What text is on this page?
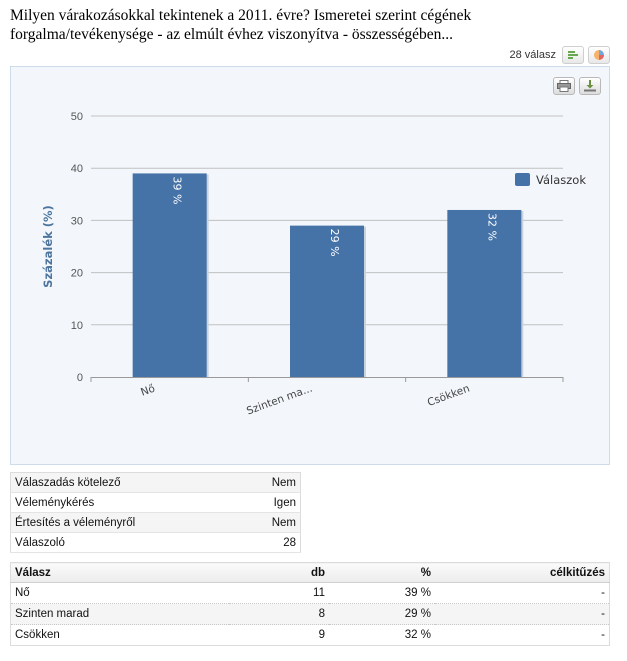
Milyen várakozásokkal tekintenek a 2011. évre? Ismeretei szerint cégének forgalma/tevékenysége - az elmúlt évhez viszonyítva - összességében...
28 válasz
0
10
20
30
40
50
Százalék (%)
39 %
Nő
29 %
Szinten ma...
32 %
Csökken
Válaszok
Válaszadás kötelező	Nem
Véleménykérés	Igen
Értesítés a véleményről	Nem
Válaszoló	28
Válasz	db	%	célkitűzés
Nő	11	39 %	-
Szinten marad	8	29 %	-
Csökken	9	32 %	-
